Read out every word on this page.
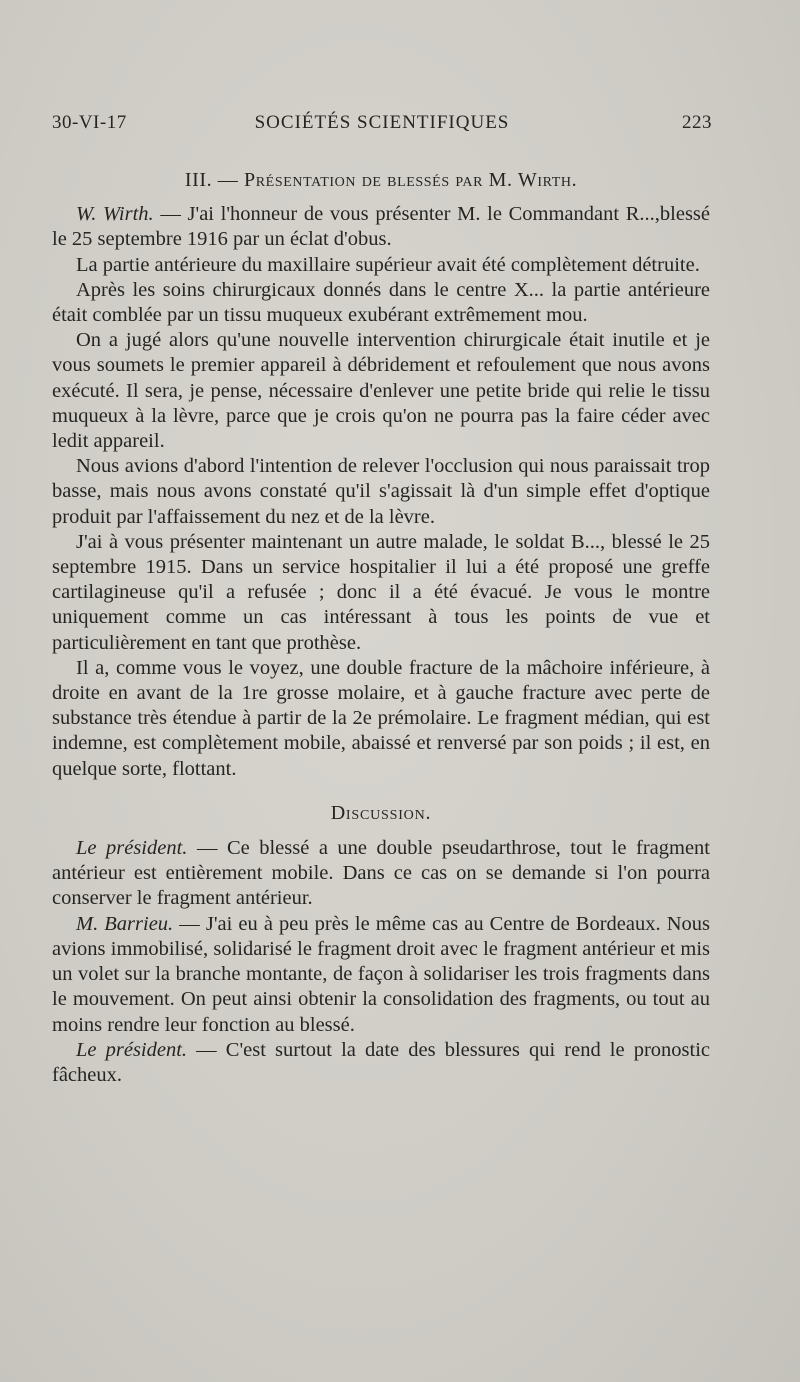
30-VI-17	SOCIÉTÉS SCIENTIFIQUES	223
III. — Présentation de blessés par M. Wirth.

W. Wirth. — J'ai l'honneur de vous présenter M. le Commandant R...,blessé le 25 septembre 1916 par un éclat d'obus.

La partie antérieure du maxillaire supérieur avait été complètement détruite.

Après les soins chirurgicaux donnés dans le centre X... la partie antérieure était comblée par un tissu muqueux exubérant extrêmement mou.

On a jugé alors qu'une nouvelle intervention chirurgicale était inutile et je vous soumets le premier appareil à débridement et refoulement que nous avons exécuté. Il sera, je pense, nécessaire d'enlever une petite bride qui relie le tissu muqueux à la lèvre, parce que je crois qu'on ne pourra pas la faire céder avec ledit appareil.

Nous avions d'abord l'intention de relever l'occlusion qui nous paraissait trop basse, mais nous avons constaté qu'il s'agissait là d'un simple effet d'optique produit par l'affaissement du nez et de la lèvre.

J'ai à vous présenter maintenant un autre malade, le soldat B..., blessé le 25 septembre 1915. Dans un service hospitalier il lui a été proposé une greffe cartilagineuse qu'il a refusée ; donc il a été évacué. Je vous le montre uniquement comme un cas intéressant à tous les points de vue et particulièrement en tant que prothèse.

Il a, comme vous le voyez, une double fracture de la mâchoire inférieure, à droite en avant de la 1re grosse molaire, et à gauche fracture avec perte de substance très étendue à partir de la 2e prémolaire. Le fragment médian, qui est indemne, est complètement mobile, abaissé et renversé par son poids ; il est, en quelque sorte, flottant.

Discussion.

Le président. — Ce blessé a une double pseudarthrose, tout le fragment antérieur est entièrement mobile. Dans ce cas on se demande si l'on pourra conserver le fragment antérieur.

M. Barrieu. — J'ai eu à peu près le même cas au Centre de Bordeaux. Nous avions immobilisé, solidarisé le fragment droit avec le fragment antérieur et mis un volet sur la branche montante, de façon à solidariser les trois fragments dans le mouvement. On peut ainsi obtenir la consolidation des fragments, ou tout au moins rendre leur fonction au blessé.

Le président. — C'est surtout la date des blessures qui rend le pronostic fâcheux.
